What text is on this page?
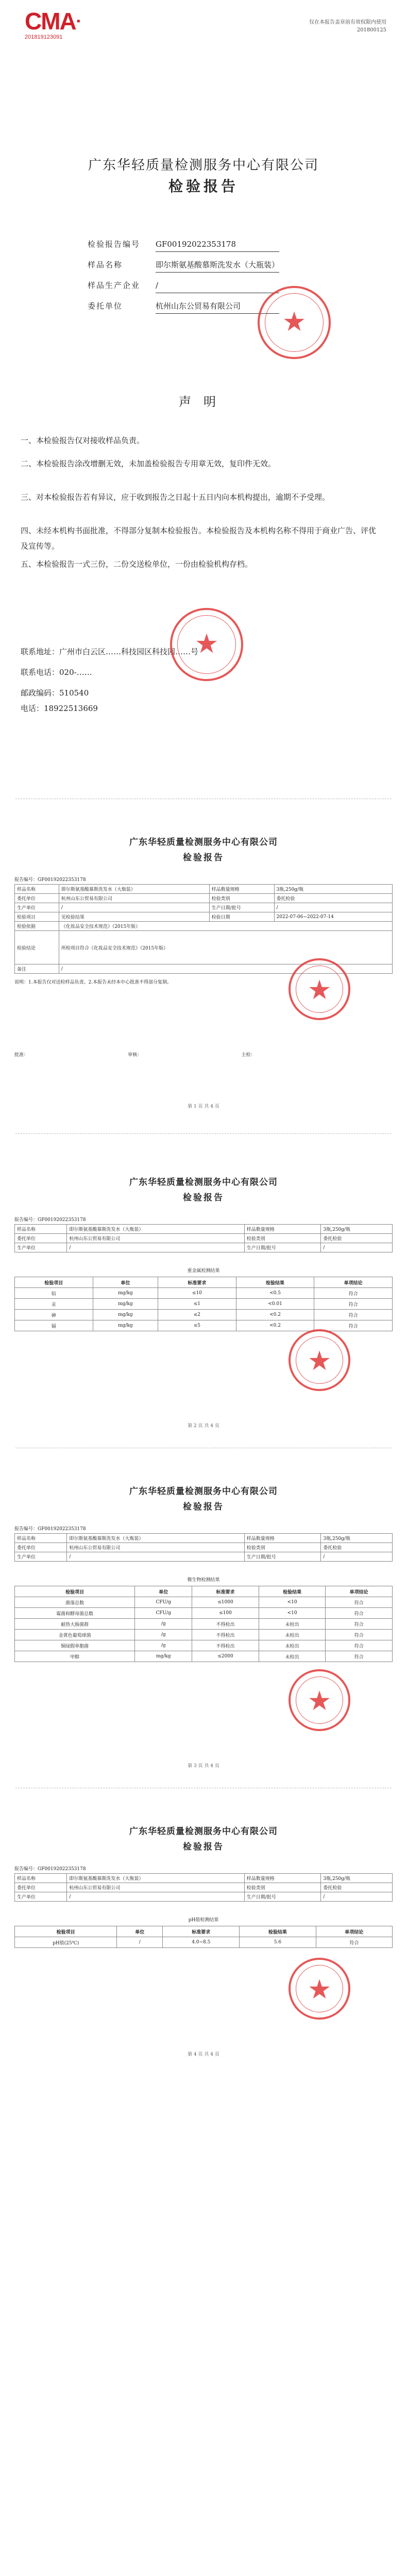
CMA ▪
201819123091
仅在本报告盖章前有效权限内使用
201800125
广东华轻质量检测服务中心有限公司
检验报告
检验报告编号 GF00192022353178
样品名称	即尔斯氨基酸慕斯洗发水（大瓶装）
样品生产企业 /
委托单位	杭州山东公贸易有限公司
★
声明
一、本检验报告仅对接收样品负责。
二、本检验报告涂改增删无效，未加盖检验报告专用章无效，复印件无效。
三、对本检验报告若有异议，应于收到报告之日起十五日内向本机构提出，逾期不予受理。
四、未经本机构书面批准，不得部分复制本检验报告。本检验报告及本机构名称不得用于商业广告、评优及宣传等。
五、本检验报告一式三份，二份交送检单位，一份由检验机构存档。
联系地址：广州市白云区……科技园区科技园……号
联系电话：020-……
邮政编码：510540
电话：18922513669
★
广东华轻质量检测服务中心有限公司
检验报告
报告编号：GF00192022353178
样品名称	即尔斯氨基酸慕斯洗发水（大瓶装）	样品数量规格	3瓶,250g/瓶
委托单位	杭州山东公贸易有限公司	检验类别	委托检验
生产单位	/	生产日期/批号	/
检验项目	见检验结果	检验日期	2022-07-06~2022-07-14
检验依据	《化妆品安全技术规范》（2015年版）		
检验结论	所检项目符合《化妆品安全技术规范》（2015年版）		
备注	/		
说明：1.本报告仅对送检样品负责。2.本报告未经本中心批准不得部分复制。	★
批准：	审核：	主检：
第 1 页 共 4 页
广东华轻质量检测服务中心有限公司
检验报告
报告编号：GF00192022353178
样品名称	即尔斯氨基酸慕斯洗发水（大瓶装）	样品数量规格	3瓶,250g/瓶
委托单位	杭州山东公贸易有限公司	检验类别	委托检验
生产单位	/	生产日期/批号	/
重金属检测结果
检验项目	单位	标准要求	检验结果	单项结论
铅	mg/kg	≤10	<0.5	符合
汞	mg/kg	≤1	<0.01	符合
砷	mg/kg	≤2	<0.2	符合
镉	mg/kg	≤5	<0.2	符合
★
第 2 页 共 4 页
广东华轻质量检测服务中心有限公司
检验报告
报告编号：GF00192022353178
样品名称	即尔斯氨基酸慕斯洗发水（大瓶装）	样品数量规格	3瓶,250g/瓶
委托单位	杭州山东公贸易有限公司	检验类别	委托检验
生产单位	/	生产日期/批号	/
微生物检测结果
检验项目	单位	标准要求	检验结果	单项结论
菌落总数	CFU/g	≤1000	<10	符合
霉菌和酵母菌总数	CFU/g	≤100	<10	符合
耐热大肠菌群	/g	不得检出	未检出	符合
金黄色葡萄球菌	/g	不得检出	未检出	符合
铜绿假单胞菌	/g	不得检出	未检出	符合
甲醇	mg/kg	≤2000	未检出	符合
★
第 3 页 共 4 页
广东华轻质量检测服务中心有限公司
检验报告
报告编号：GF00192022353178
样品名称	即尔斯氨基酸慕斯洗发水（大瓶装）	样品数量规格	3瓶,250g/瓶
委托单位	杭州山东公贸易有限公司	检验类别	委托检验
生产单位	/	生产日期/批号	/
pH值检测结果
检验项目	单位	标准要求	检验结果	单项结论
pH值(25℃)	/	4.0~8.5	5.6	符合
★
第 4 页 共 4 页
